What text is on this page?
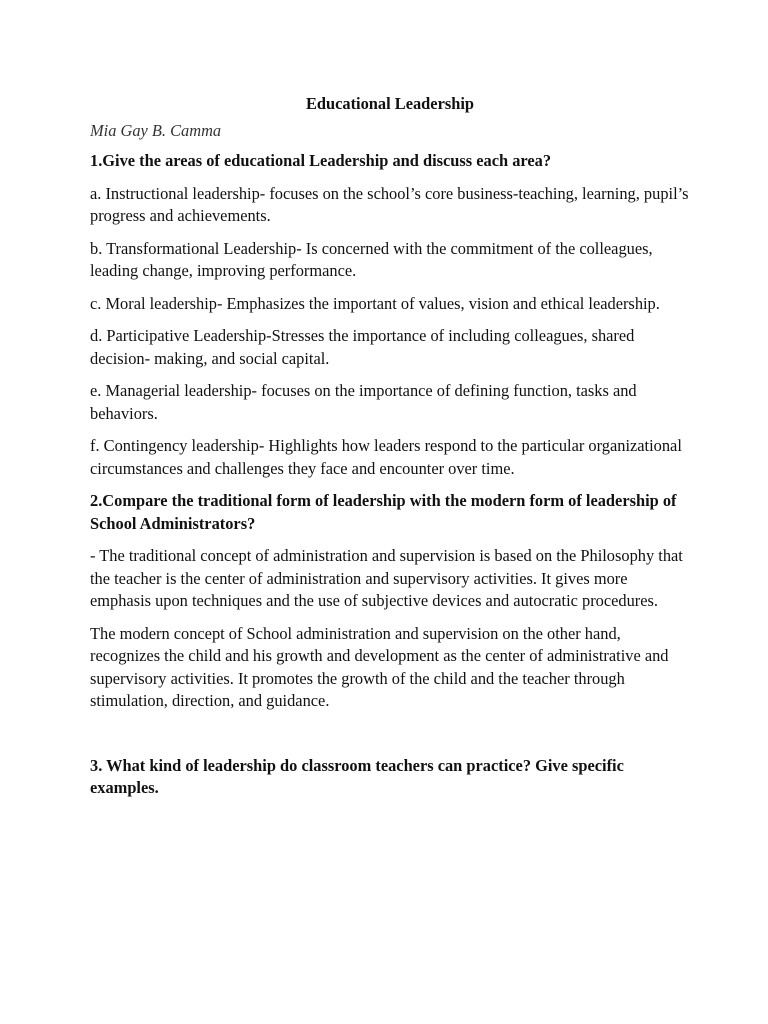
Educational Leadership

Mia Gay B. Camma

1.Give the areas of educational Leadership and discuss each area?

a. Instructional leadership- focuses on the school’s core business-teaching, learning, pupil’s progress and achievements.

b. Transformational Leadership- Is concerned with the commitment of the colleagues, leading change, improving performance.

c. Moral leadership- Emphasizes the important of values, vision and ethical leadership.

d. Participative Leadership-Stresses the importance of including colleagues, shared decision- making, and social capital.

e. Managerial leadership- focuses on the importance of defining function, tasks and behaviors.

f. Contingency leadership- Highlights how leaders respond to the particular organizational circumstances and challenges they face and encounter over time.

2.Compare the traditional form of leadership with the modern form of leadership of School Administrators?

- The traditional concept of administration and supervision is based on the Philosophy that the teacher is the center of administration and supervisory activities. It gives more emphasis upon techniques and the use of subjective devices and autocratic procedures.

The modern concept of School administration and supervision on the other hand, recognizes the child and his growth and development as the center of administrative and supervisory activities. It promotes the growth of the child and the teacher through stimulation, direction, and guidance.

3. What kind of leadership do classroom teachers can practice? Give specific examples.
